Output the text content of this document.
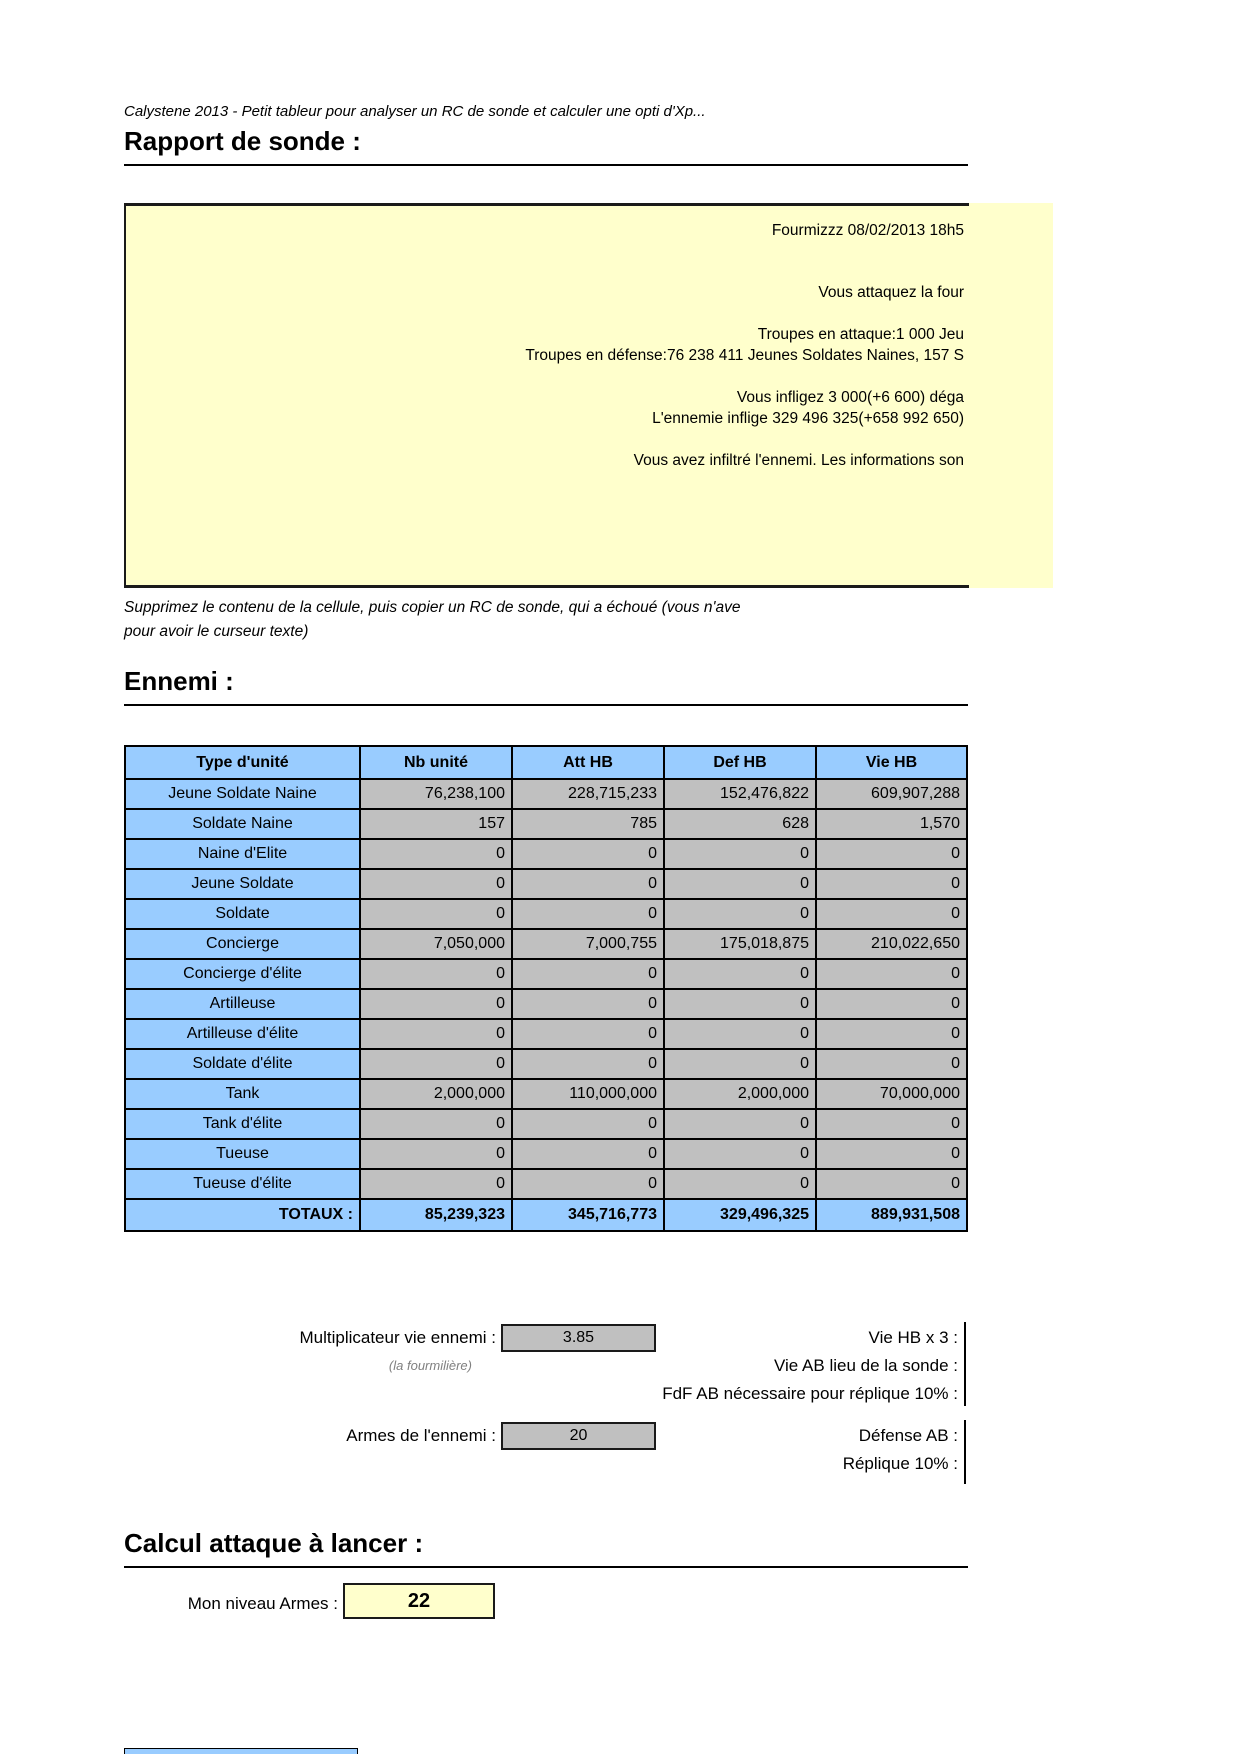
Calystene 2013 - Petit tableur pour analyser un RC de sonde et calculer une opti d'Xp...
Rapport de sonde :
Fourmizzz 08/02/2013 18h5
Vous attaquez la four
Troupes en attaque:1 000 Jeu
Troupes en défense:76 238 411 Jeunes Soldates Naines, 157 S
Vous infligez 3 000(+6 600) déga
L'ennemie inflige 329 496 325(+658 992 650)
Vous avez infiltré l'ennemi. Les informations son
Supprimez le contenu de la cellule, puis copier un RC de sonde, qui a échoué (vous n'ave
pour avoir le curseur texte)
Ennemi :
Type d'unité	Nb unité	Att HB	Def HB	Vie HB
Jeune Soldate Naine	76,238,100	228,715,233	152,476,822	609,907,288
Soldate Naine	157	785	628	1,570
Naine d'Elite	0	0	0	0
Jeune Soldate	0	0	0	0
Soldate	0	0	0	0
Concierge	7,050,000	7,000,755	175,018,875	210,022,650
Concierge d'élite	0	0	0	0
Artilleuse	0	0	0	0
Artilleuse d'élite	0	0	0	0
Soldate d'élite	0	0	0	0
Tank	2,000,000	110,000,000	2,000,000	70,000,000
Tank d'élite	0	0	0	0
Tueuse	0	0	0	0
Tueuse d'élite	0	0	0	0
TOTAUX :	85,239,323	345,716,773	329,496,325	889,931,508
Multiplicateur vie ennemi :	3.85
(la fourmilière)
Vie HB x 3 :
Vie AB lieu de la sonde :
FdF AB nécessaire pour réplique 10% :
Armes de l'ennemi :	20	Défense AB :
Réplique 10% :
Calcul attaque à lancer :
Mon niveau Armes :	22
